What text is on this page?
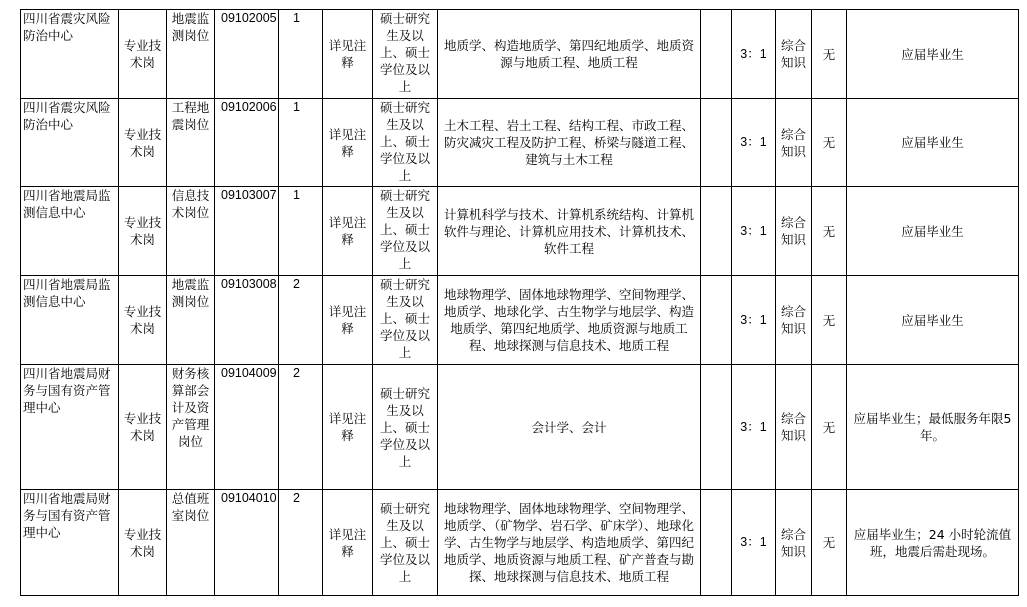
四川省震灾风险防治中心	专业技术岗	地震监测岗位	09102005	1	详见注释	硕士研究生及以上、硕士学位及以上	地质学、构造地质学、第四纪地质学、地质资源与地质工程、地质工程		3：1	综合知识	无	应届毕业生
四川省震灾风险防治中心	专业技术岗	工程地震岗位	09102006	1	详见注释	硕士研究生及以上、硕士学位及以上	土木工程、岩土工程、结构工程、市政工程、防灾减灾工程及防护工程、桥梁与隧道工程、建筑与土木工程		3：1	综合知识	无	应届毕业生
四川省地震局监测信息中心	专业技术岗	信息技术岗位	09103007	1	详见注释	硕士研究生及以上、硕士学位及以上	计算机科学与技术、计算机系统结构、计算机软件与理论、计算机应用技术、计算机技术、软件工程		3：1	综合知识	无	应届毕业生
四川省地震局监测信息中心	专业技术岗	地震监测岗位	09103008	2	详见注释	硕士研究生及以上、硕士学位及以上	地球物理学、固体地球物理学、空间物理学、地质学、地球化学、古生物学与地层学、构造地质学、第四纪地质学、地质资源与地质工程、地球探测与信息技术、地质工程		3：1	综合知识	无	应届毕业生
四川省地震局财务与国有资产管理中心	专业技术岗	财务核算部会计及资产管理岗位	09104009	2	详见注释	硕士研究生及以上、硕士学位及以上	会计学、会计		3：1	综合知识	无	应届毕业生；最低服务年限5 年。
四川省地震局财务与国有资产管理中心	专业技术岗	总值班室岗位	09104010	2	详见注释	硕士研究生及以上、硕士学位及以上	地球物理学、固体地球物理学、空间物理学、地质学、（矿物学、岩石学、矿床学）、地球化学、古生物学与地层学、构造地质学、第四纪地质学、地质资源与地质工程、矿产普查与勘探、地球探测与信息技术、地质工程		3：1	综合知识	无	应届毕业生；24 小时轮流值班，地震后需赴现场。
